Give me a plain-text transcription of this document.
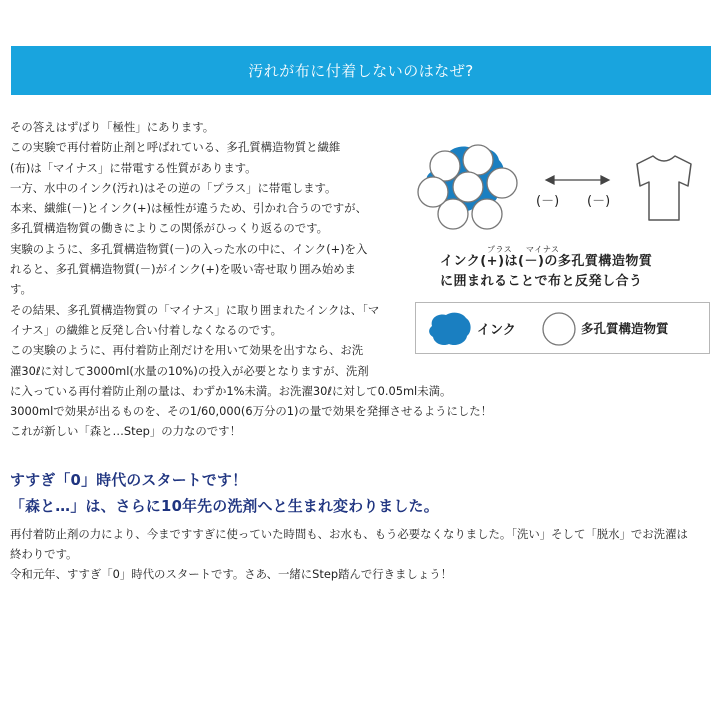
汚れが布に付着しないのはなぜ?
その答えはずばり「極性」にあります。
この実験で再付着防止剤と呼ばれている、多孔質構造物質と繊維
(布)は「マイナス」に帯電する性質があります。
一方、水中のインク(汚れ)はその逆の「プラス」に帯電します。
本来、繊維(－)とインク(+)は極性が違うため、引かれ合うのですが、
多孔質構造物質の働きによりこの関係がひっくり返るのです。
実験のように、多孔質構造物質(－)の入った水の中に、インク(+)を入
れると、多孔質構造物質(－)がインク(+)を吸い寄せ取り囲み始めま
す。
その結果、多孔質構造物質の「マイナス」に取り囲まれたインクは、「マ
イナス」の繊維と反発し合い付着しなくなるのです。
この実験のように、再付着防止剤だけを用いて効果を出すなら、お洗
濯30ℓに対して3000ml(水量の10%)の投入が必要となりますが、洗剤
に入っている再付着防止剤の量は、わずか1%未満。お洗濯30ℓに対して0.05ml未満。
3000mlで効果が出るものを、その1/60,000(6万分の1)の量で効果を発揮させるようにした！
これが新しい「森と…Step」の力なのです！
(－) (－)
プラス マイナス
インク(+)は(－)の多孔質構造物質
に囲まれることで布と反発し合う
インク	多孔質構造物質
すすぎ「0」時代のスタートです！
「森と…」は、さらに10年先の洗剤へと生まれ変わりました。
再付着防止剤の力により、今まですすぎに使っていた時間も、お水も、もう必要なくなりました。「洗い」そして「脱水」でお洗濯は
終わりです。
令和元年、すすぎ「0」時代のスタートです。さあ、一緒にStep踏んで行きましょう！
